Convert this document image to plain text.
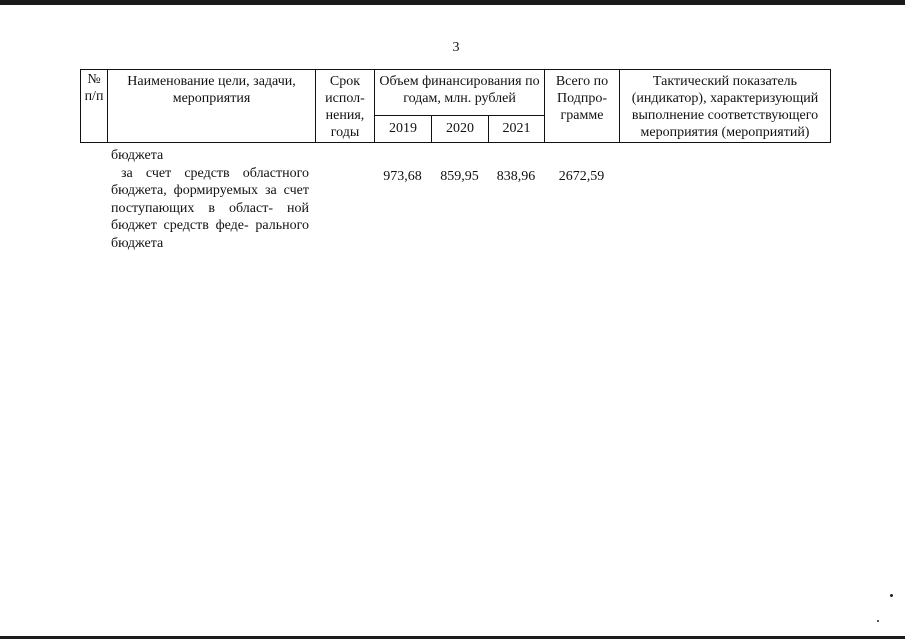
3
№
п/п	Наименование цели, задачи, мероприятия	Срок испол- нения, годы	Объем финансирования по годам, млн. рублей			Всего по Подпро- грамме	Тактический показатель (индикатор), характеризующий выполнение соответствующего мероприятия (мероприятий)
			2019	2020	2021		
	бюджета						
	за счет средств областного бюджета, формируемых за счет поступающих в област- ной бюджет средств феде- рального бюджета		973,68	859,95	838,96	2672,59	
